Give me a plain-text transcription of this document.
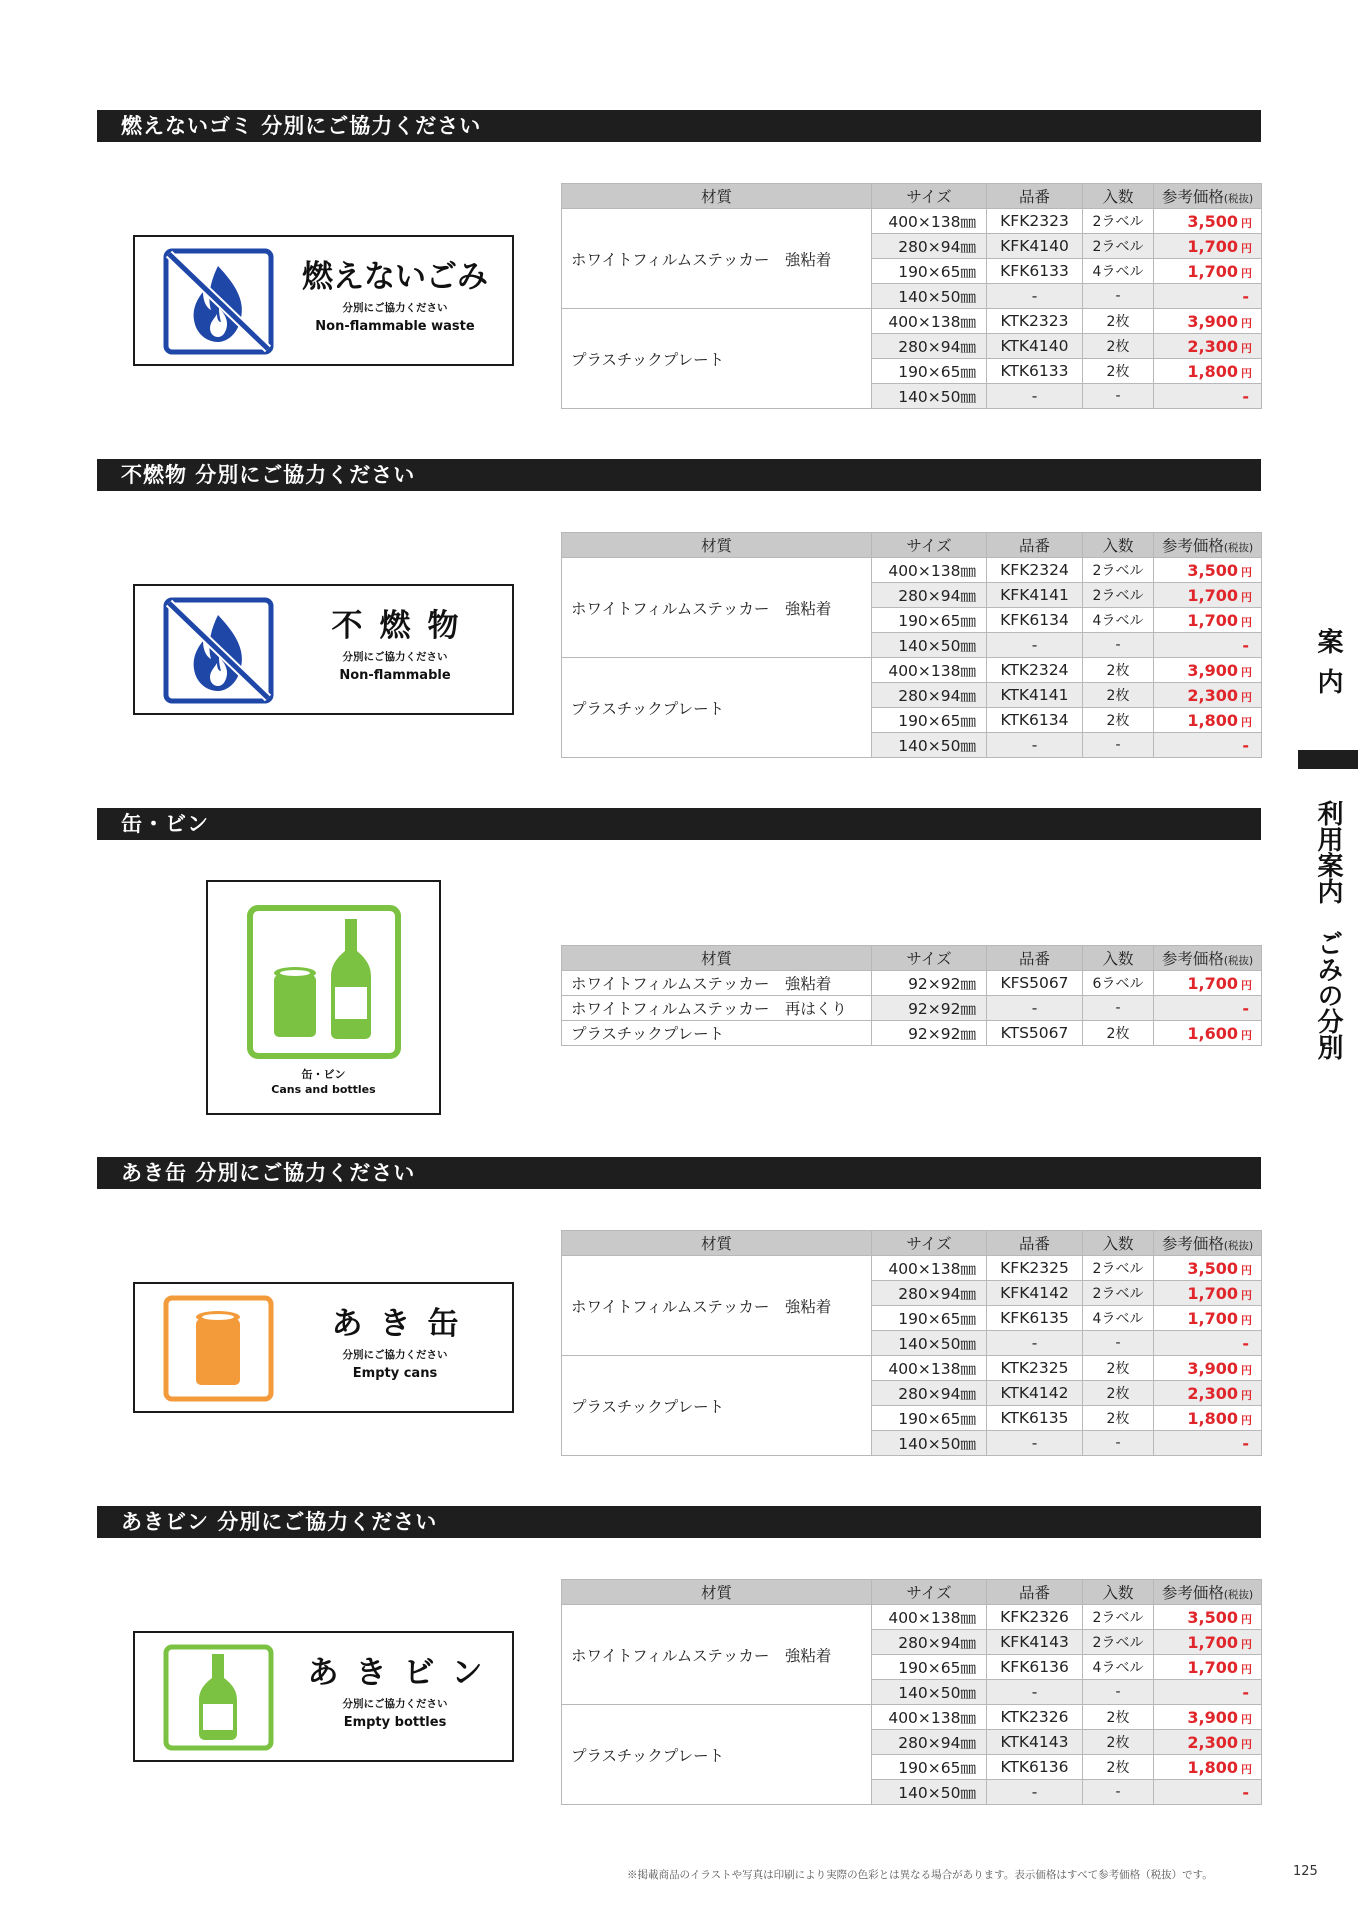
燃えないゴミ 分別にご協力ください
燃えないごみ
分別にご協力ください
Non-flammable waste
材質	サイズ	品番	入数	参考価格(税抜)
ホワイトフィルムステッカー　強粘着	400×138㎜	KFK2323	2ラベル	3,500 円
	280×94㎜	KFK4140	2ラベル	1,700 円
	190×65㎜	KFK6133	4ラベル	1,700 円
	140×50㎜	-	-	-
プラスチックプレート	400×138㎜	KTK2323	2枚	3,900 円
	280×94㎜	KTK4140	2枚	2,300 円
	190×65㎜	KTK6133	2枚	1,800 円
	140×50㎜	-	-	-
不燃物 分別にご協力ください
不燃物
分別にご協力ください
Non-flammable
材質	サイズ	品番	入数	参考価格(税抜)
ホワイトフィルムステッカー　強粘着	400×138㎜	KFK2324	2ラベル	3,500 円
	280×94㎜	KFK4141	2ラベル	1,700 円
	190×65㎜	KFK6134	4ラベル	1,700 円
	140×50㎜	-	-	-
プラスチックプレート	400×138㎜	KTK2324	2枚	3,900 円
	280×94㎜	KTK4141	2枚	2,300 円
	190×65㎜	KTK6134	2枚	1,800 円
	140×50㎜	-	-	-
缶・ビン
缶・ビン
Cans and bottles
材質	サイズ	品番	入数	参考価格(税抜)
ホワイトフィルムステッカー　強粘着	92×92㎜	KFS5067	6ラベル	1,700 円
ホワイトフィルムステッカー　再はくり	92×92㎜	-	-	-
プラスチックプレート	92×92㎜	KTS5067	2枚	1,600 円
あき缶 分別にご協力ください
あき缶
分別にご協力ください
Empty cans
材質	サイズ	品番	入数	参考価格(税抜)
ホワイトフィルムステッカー　強粘着	400×138㎜	KFK2325	2ラベル	3,500 円
	280×94㎜	KFK4142	2ラベル	1,700 円
	190×65㎜	KFK6135	4ラベル	1,700 円
	140×50㎜	-	-	-
プラスチックプレート	400×138㎜	KTK2325	2枚	3,900 円
	280×94㎜	KTK4142	2枚	2,300 円
	190×65㎜	KTK6135	2枚	1,800 円
	140×50㎜	-	-	-
あきビン 分別にご協力ください
あきビン
分別にご協力ください
Empty bottles
材質	サイズ	品番	入数	参考価格(税抜)
ホワイトフィルムステッカー　強粘着	400×138㎜	KFK2326	2ラベル	3,500 円
	280×94㎜	KFK4143	2ラベル	1,700 円
	190×65㎜	KFK6136	4ラベル	1,700 円
	140×50㎜	-	-	-
プラスチックプレート	400×138㎜	KTK2326	2枚	3,900 円
	280×94㎜	KTK4143	2枚	2,300 円
	190×65㎜	KTK6136	2枚	1,800 円
	140×50㎜	-	-	-
案内
利用案内　ごみの分別
※掲載商品のイラストや写真は印刷により実際の色彩とは異なる場合があります。表示価格はすべて参考価格（税抜）です。	125
